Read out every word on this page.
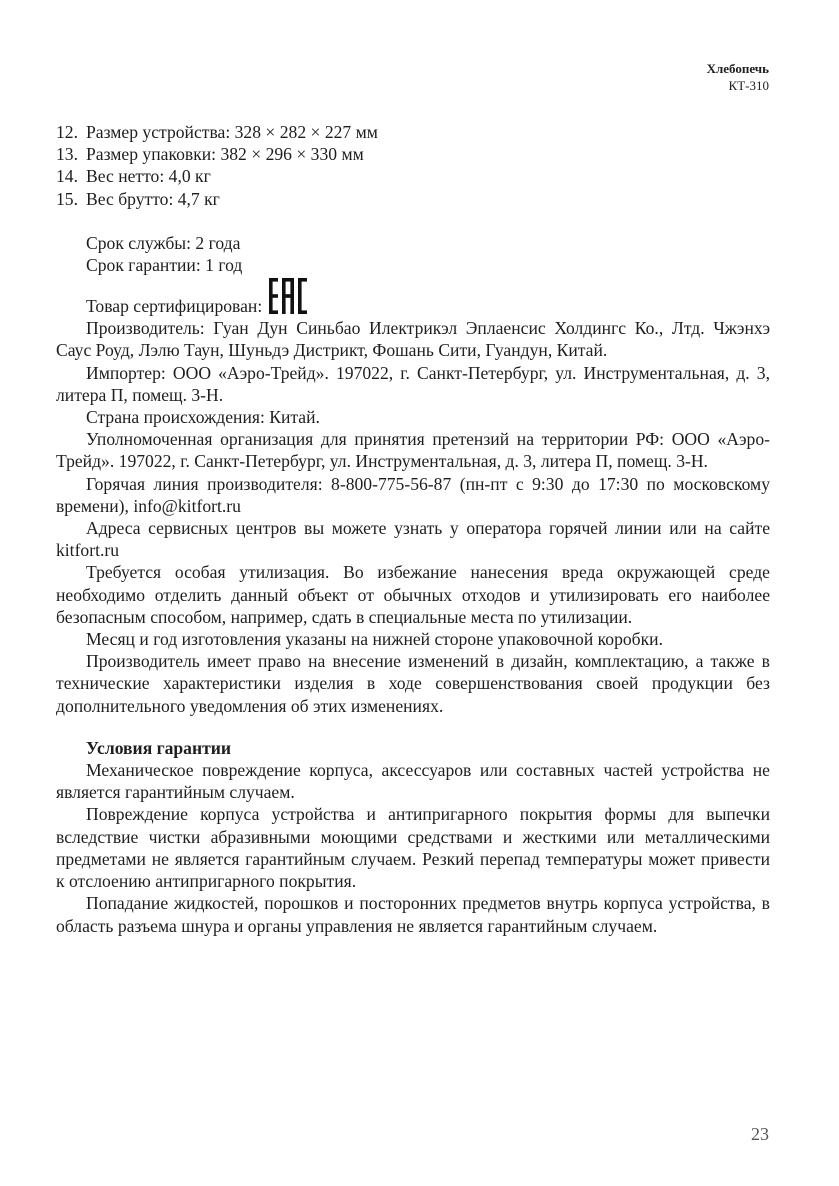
Хлебопечь
КТ-310
12. Размер устройства: 328 × 282 × 227 мм
13. Размер упаковки: 382 × 296 × 330 мм
14. Вес нетто: 4,0 кг
15. Вес брутто: 4,7 кг

Срок службы: 2 года

Срок гарантии: 1 год

Товар сертифицирован:

Производитель: Гуан Дун Синьбао Илектрикэл Эплаенсис Холдингс Ко., Лтд. Чжэнхэ Саус Роуд, Лэлю Таун, Шуньдэ Дистрикт, Фошань Сити, Гуандун, Китай.

Импортер: ООО «Аэро-Трейд». 197022, г. Санкт-Петербург, ул. Инструментальная, д. 3, литера П, помещ. 3-Н.

Страна происхождения: Китай.

Уполномоченная организация для принятия претензий на территории РФ: ООО «Аэро-Трейд». 197022, г. Санкт-Петербург, ул. Инструментальная, д. 3, литера П, помещ. 3-Н.

Горячая линия производителя: 8-800-775-56-87 (пн-пт с 9:30 до 17:30 по московскому времени), info@kitfort.ru

Адреса сервисных центров вы можете узнать у оператора горячей линии или на сайте kitfort.ru

Требуется особая утилизация. Во избежание нанесения вреда окружающей среде необходимо отделить данный объект от обычных отходов и утилизировать его наиболее безопасным способом, например, сдать в специальные места по утилизации.

Месяц и год изготовления указаны на нижней стороне упаковочной коробки.

Производитель имеет право на внесение изменений в дизайн, комплектацию, а также в технические характеристики изделия в ходе совершенствования своей продукции без дополнительного уведомления об этих изменениях.

Условия гарантии

Механическое повреждение корпуса, аксессуаров или составных частей устройства не является гарантийным случаем.

Повреждение корпуса устройства и антипригарного покрытия формы для выпечки вследствие чистки абразивными моющими средствами и жесткими или металлическими предметами не является гарантийным случаем. Резкий перепад температуры может привести к отслоению антипригарного покрытия.

Попадание жидкостей, порошков и посторонних предметов внутрь корпуса устройства, в область разъема шнура и органы управления не является гарантийным случаем.

23
